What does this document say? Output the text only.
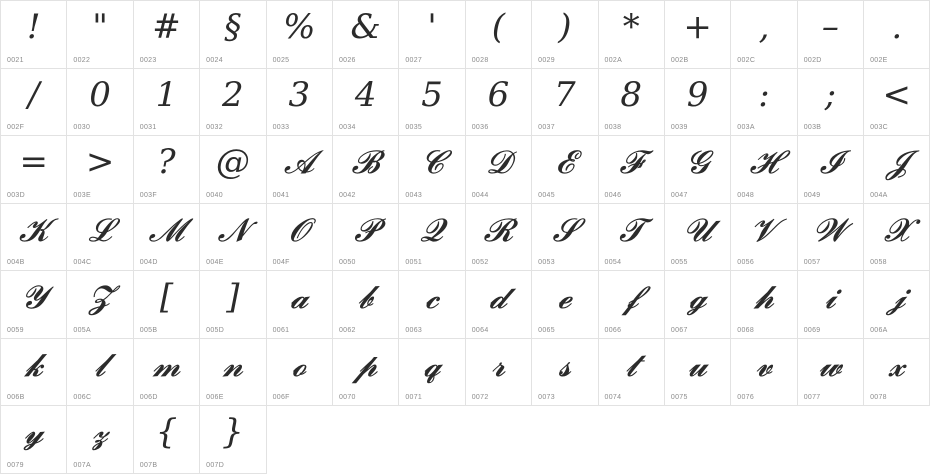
!
0021
"
0022
#
0023
§
0024
%
0025
&
0026
'
0027
(
0028
)
0029
*
002A
+
002B
,
002C
–
002D
.
002E
/
002F
0
0030
1
0031
2
0032
3
0033
4
0034
5
0035
6
0036
7
0037
8
0038
9
0039
:
003A
;
003B
<
003C
=
003D
>
003E
?
003F
@
0040
𝓐
0041
𝓑
0042
𝓒
0043
𝓓
0044
𝓔
0045
𝓕
0046
𝓖
0047
𝓗
0048
𝓘
0049
𝓙
004A
𝓚
004B
𝓛
004C
𝓜
004D
𝓝
004E
𝓞
004F
𝓟
0050
𝓠
0051
𝓡
0052
𝓢
0053
𝓣
0054
𝓤
0055
𝓥
0056
𝓦
0057
𝓧
0058
𝓨
0059
𝓩
005A
[
005B
]
005D
𝓪
0061
𝓫
0062
𝓬
0063
𝓭
0064
𝓮
0065
𝓯
0066
𝓰
0067
𝓱
0068
𝓲
0069
𝓳
006A
𝓴
006B
𝓵
006C
𝓶
006D
𝓷
006E
𝓸
006F
𝓹
0070
𝓺
0071
𝓻
0072
𝓼
0073
𝓽
0074
𝓾
0075
𝓿
0076
𝔀
0077
𝔁
0078
𝔂
0079
𝔃
007A
{
007B
}
007D
